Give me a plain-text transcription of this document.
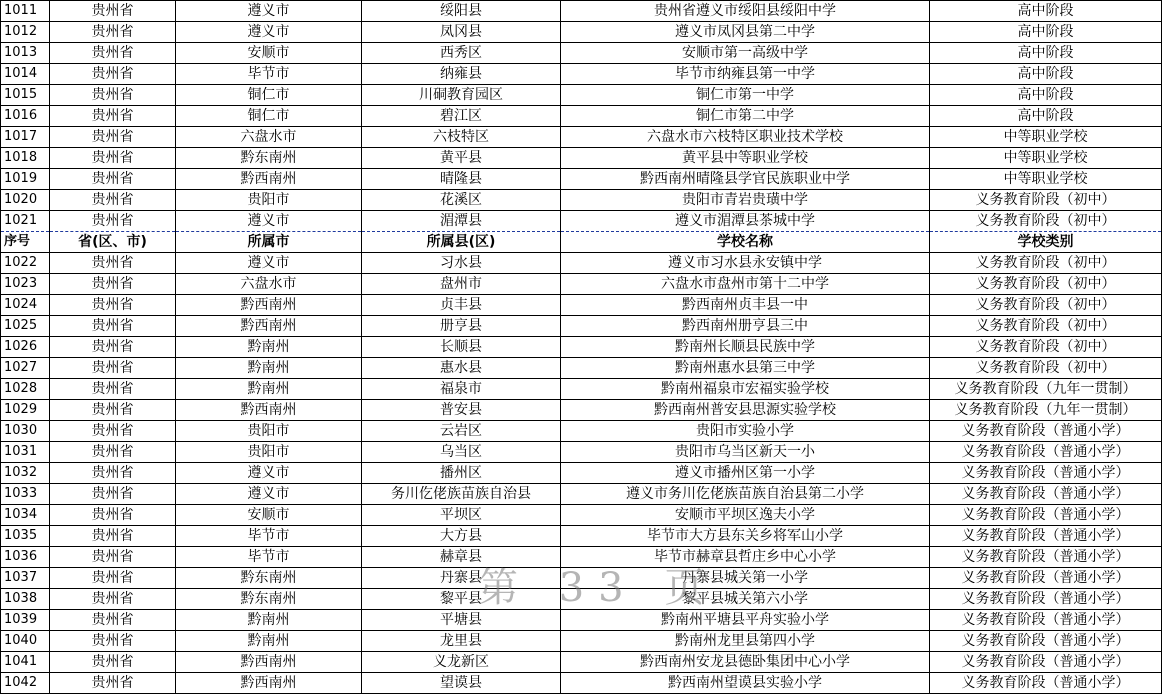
1011	贵州省	遵义市	绥阳县	贵州省遵义市绥阳县绥阳中学	高中阶段
1012	贵州省	遵义市	凤冈县	遵义市凤冈县第二中学	高中阶段
1013	贵州省	安顺市	西秀区	安顺市第一高级中学	高中阶段
1014	贵州省	毕节市	纳雍县	毕节市纳雍县第一中学	高中阶段
1015	贵州省	铜仁市	川硐教育园区	铜仁市第一中学	高中阶段
1016	贵州省	铜仁市	碧江区	铜仁市第二中学	高中阶段
1017	贵州省	六盘水市	六枝特区	六盘水市六枝特区职业技术学校	中等职业学校
1018	贵州省	黔东南州	黄平县	黄平县中等职业学校	中等职业学校
1019	贵州省	黔西南州	晴隆县	黔西南州晴隆县学官民族职业中学	中等职业学校
1020	贵州省	贵阳市	花溪区	贵阳市青岩贵璜中学	义务教育阶段（初中）
1021	贵州省	遵义市	湄潭县	遵义市湄潭县茶城中学	义务教育阶段（初中）
序号	省(区、市)	所属市	所属县(区)	学校名称	学校类别
1022	贵州省	遵义市	习水县	遵义市习水县永安镇中学	义务教育阶段（初中）
1023	贵州省	六盘水市	盘州市	六盘水市盘州市第十二中学	义务教育阶段（初中）
1024	贵州省	黔西南州	贞丰县	黔西南州贞丰县一中	义务教育阶段（初中）
1025	贵州省	黔西南州	册亨县	黔西南州册亨县三中	义务教育阶段（初中）
1026	贵州省	黔南州	长顺县	黔南州长顺县民族中学	义务教育阶段（初中）
1027	贵州省	黔南州	惠水县	黔南州惠水县第三中学	义务教育阶段（初中）
1028	贵州省	黔南州	福泉市	黔南州福泉市宏福实验学校	义务教育阶段（九年一贯制）
1029	贵州省	黔西南州	普安县	黔西南州普安县思源实验学校	义务教育阶段（九年一贯制）
1030	贵州省	贵阳市	云岩区	贵阳市实验小学	义务教育阶段（普通小学）
1031	贵州省	贵阳市	乌当区	贵阳市乌当区新天一小	义务教育阶段（普通小学）
1032	贵州省	遵义市	播州区	遵义市播州区第一小学	义务教育阶段（普通小学）
1033	贵州省	遵义市	务川仡佬族苗族自治县	遵义市务川仡佬族苗族自治县第二小学	义务教育阶段（普通小学）
1034	贵州省	安顺市	平坝区	安顺市平坝区逸夫小学	义务教育阶段（普通小学）
1035	贵州省	毕节市	大方县	毕节市大方县东关乡将军山小学	义务教育阶段（普通小学）
1036	贵州省	毕节市	赫章县	毕节市赫章县哲庄乡中心小学	义务教育阶段（普通小学）
1037	贵州省	黔东南州	丹寨县	丹寨县城关第一小学	义务教育阶段（普通小学）
1038	贵州省	黔东南州	黎平县	黎平县城关第六小学	义务教育阶段（普通小学）
1039	贵州省	黔南州	平塘县	黔南州平塘县平舟实验小学	义务教育阶段（普通小学）
1040	贵州省	黔南州	龙里县	黔南州龙里县第四小学	义务教育阶段（普通小学）
1041	贵州省	黔西南州	义龙新区	黔西南州安龙县德卧集团中心小学	义务教育阶段（普通小学）
1042	贵州省	黔西南州	望谟县	黔西南州望谟县实验小学	义务教育阶段（普通小学）
第 33 页
